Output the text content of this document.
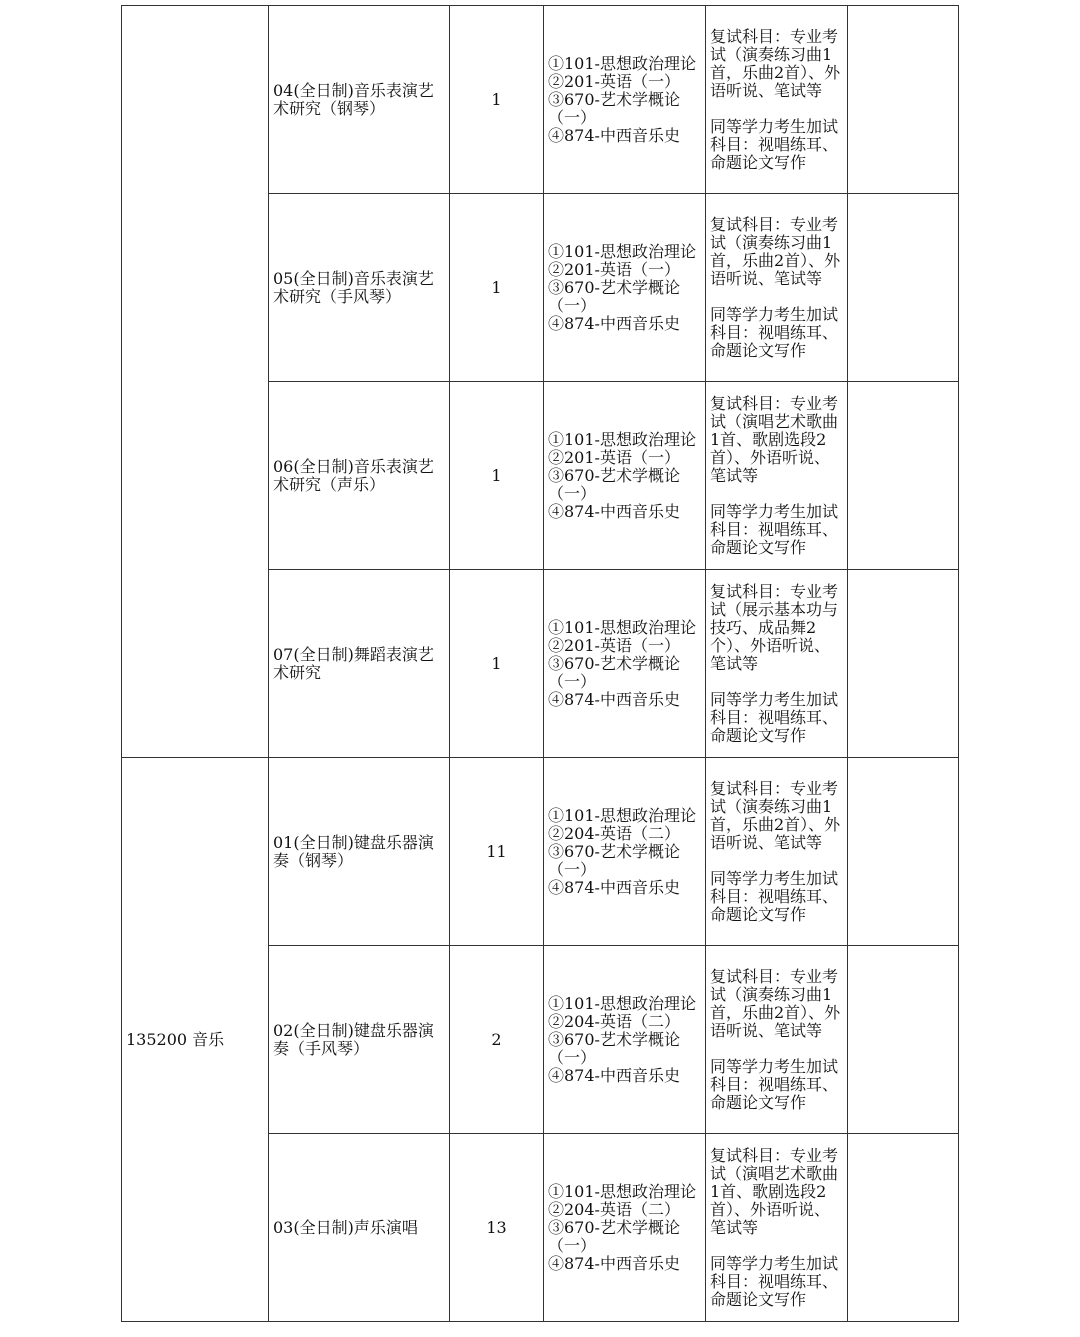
	04(全日制)音乐表演艺术研究（钢琴）	1	①101-思想政治理论
②201-英语（一）
③670-艺术学概论（一）
④874-中西音乐史	复试科目：专业考试（演奏练习曲1首，乐曲2首）、外语听说、笔试等
同等学力考生加试科目：视唱练耳、命题论文写作	

	05(全日制)音乐表演艺术研究（手风琴）	1	①101-思想政治理论
②201-英语（一）
③670-艺术学概论（一）
④874-中西音乐史	复试科目：专业考试（演奏练习曲1首，乐曲2首）、外语听说、笔试等
同等学力考生加试科目：视唱练耳、命题论文写作	

	06(全日制)音乐表演艺术研究（声乐）	1	①101-思想政治理论
②201-英语（一）
③670-艺术学概论（一）
④874-中西音乐史	复试科目：专业考试（演唱艺术歌曲1首、歌剧选段2首）、外语听说、笔试等
同等学力考生加试科目：视唱练耳、命题论文写作	

	07(全日制)舞蹈表演艺术研究	1	①101-思想政治理论
②201-英语（一）
③670-艺术学概论（一）
④874-中西音乐史	复试科目：专业考试（展示基本功与技巧、成品舞2个）、外语听说、笔试等
同等学力考生加试科目：视唱练耳、命题论文写作	

135200 音乐	01(全日制)键盘乐器演奏（钢琴）	11	①101-思想政治理论
②204-英语（二）
③670-艺术学概论（一）
④874-中西音乐史	复试科目：专业考试（演奏练习曲1首，乐曲2首）、外语听说、笔试等
同等学力考生加试科目：视唱练耳、命题论文写作	

	02(全日制)键盘乐器演奏（手风琴）	2	①101-思想政治理论
②204-英语（二）
③670-艺术学概论（一）
④874-中西音乐史	复试科目：专业考试（演奏练习曲1首，乐曲2首）、外语听说、笔试等
同等学力考生加试科目：视唱练耳、命题论文写作	

	03(全日制)声乐演唱	13	①101-思想政治理论
②204-英语（二）
③670-艺术学概论（一）
④874-中西音乐史	复试科目：专业考试（演唱艺术歌曲1首、歌剧选段2首）、外语听说、笔试等
同等学力考生加试科目：视唱练耳、命题论文写作	
